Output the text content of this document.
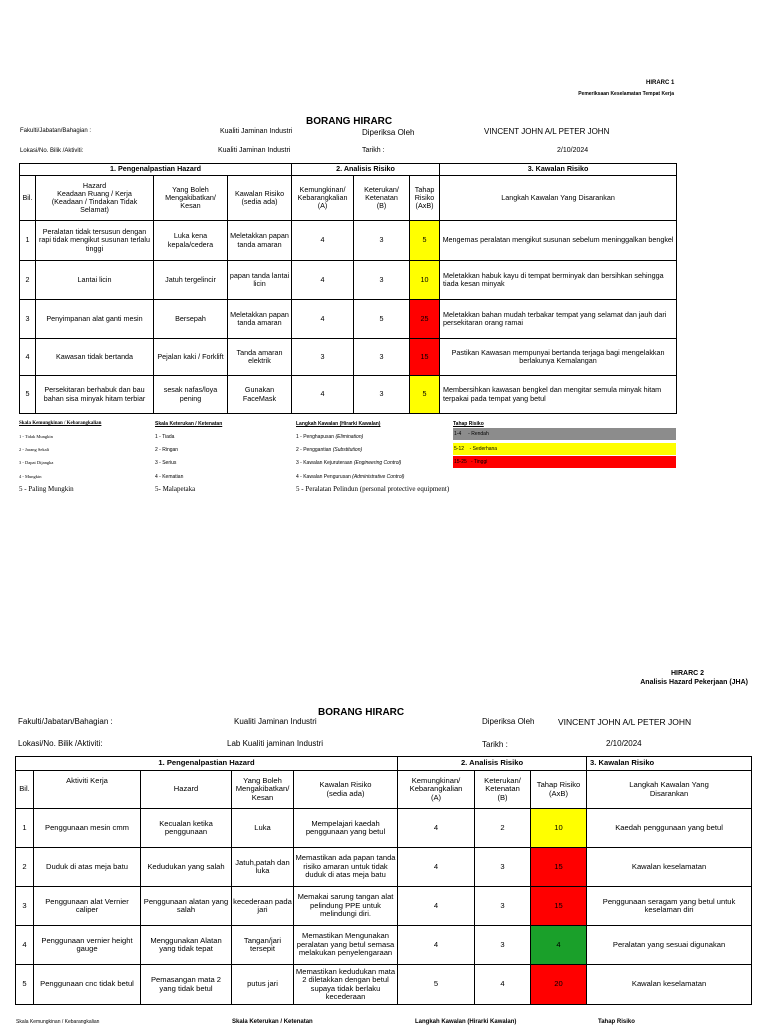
HIRARC 1
Pemeriksaan Keselamatan Tempat Kerja
BORANG HIRARC
Fakulti/Jabatan/Bahagian :	Kualiti Jaminan Industri	Diperiksa Oleh	VINCENT JOHN A/L PETER JOHN
Lokasi/No. Bilik /Aktiviti:	Kualiti Jaminan Industri	Tarikh :	2/10/2024
1. Pengenalpastian Hazard				2. Analisis Risiko			3. Kawalan Risiko
Bil.	Hazard
Keadaan Ruang / Kerja
(Keadaan / Tindakan Tidak
Selamat)	Yang Boleh
Mengakibatkan/
Kesan	Kawalan Risiko
(sedia ada)	Kemungkinan/
Kebarangkalian
(A)	Keterukan/
Ketenatan
(B)	Tahap
Risiko
(AxB)	Langkah Kawalan Yang Disarankan
1	Peralatan tidak tersusun dengan rapi tidak mengikut susunan terlalu tinggi	Luka kena kepala/cedera	Meletakkan papan tanda amaran	4	3	5	Mengemas peralatan mengikut susunan sebelum meninggalkan bengkel
2	Lantai licin	Jatuh tergelincir	papan tanda lantai licin	4	3	10	Meletakkan habuk kayu di tempat berminyak dan bersihkan sehingga tiada kesan minyak
3	Penyimpanan alat ganti mesin	Bersepah	Meletakkan papan tanda amaran	4	5	25	Meletakkan bahan mudah terbakar tempat yang selamat dan jauh dari persekitaran orang ramai
4	Kawasan tidak bertanda	Pejalan kaki / Forklift	Tanda amaran elektrik	3	3	15	Pastikan Kawasan mempunyai bertanda terjaga bagi mengelakkan berlakunya Kemalangan
5	Persekitaran berhabuk dan bau bahan sisa minyak hitam terbiar	sesak nafas/loya pening	Gunakan FaceMask	4	3	5	Membersihkan kawasan bengkel dan mengitar semula minyak hitam terpakai pada tempat yang betul
Skala Kemungkinan / Kebarangkalian
1 - Tidak Mungkin
2 - Jarang Sekali
3 - Dapat Dijangka
4 - Mungkin
5 - Paling Mungkin
Skala Keterukan / Ketenatan
1 - Tiada
2 - Ringan
3 - Serius
4 - Kematian
5- Malapetaka
Langkah Kawalan (Hirarki Kawalan)
1 - Penghapusan (Elimination)
2 - Penggantian (Substitution)
3 - Kawalan Kejuruteraan (Engineering Control)
4 - Kawalan Pengurusan (Administrative Control)
5 - Peralatan Pelindun (personal protective equipment)
Tahap Risiko
1-4     - Rendah
5-12    - Sederhana
15-25   - Tinggi
HIRARC 2
Analisis Hazard Pekerjaan (JHA)
BORANG HIRARC
Fakulti/Jabatan/Bahagian :	Kualiti Jaminan Industri	Diperiksa Oleh	VINCENT JOHN A/L PETER JOHN
Lokasi/No. Bilik /Aktiviti:	Lab Kualiti jaminan Industri	Tarikh :	2/10/2024
1. Pengenalpastian Hazard					2. Analisis Risiko			3. Kawalan Risiko
Bil.	Aktiviti Kerja	Hazard	Yang Boleh
Mengakibatkan/
Kesan	Kawalan Risiko
(sedia ada)	Kemungkinan/
Kebarangkalian
(A)	Keterukan/
Ketenatan
(B)	Tahap Risiko
(AxB)	Langkah Kawalan Yang
Disarankan
1	Penggunaan mesin cmm	Kecualan ketika penggunaan	Luka	Mempelajari kaedah penggunaan yang betul	4	2	10	Kaedah penggunaan yang betul
2	Duduk di atas meja batu	Kedudukan yang salah	Jatuh,patah dan luka	Memastikan ada papan tanda risiko amaran untuk tidak duduk di atas meja batu	4	3	15	Kawalan keselamatan
3	Penggunaan alat Vernier caliper	Penggunaan alatan yang salah	kecederaan pada jari	Memakai sarung tangan alat pelindung PPE untuk melindungi diri.	4	3	15	Penggunaan seragam yang betul untuk keselaman diri
4	Penggunaan vernier height gauge	Menggunakan Alatan yang tidak tepat	Tangan/jari tersepit	Memastikan Mengunakan peralatan yang betul semasa melakukan penyelengaraan	4	3	4	Peralatan yang sesuai digunakan
5	Penggunaan cnc tidak betul	Pemasangan mata 2 yang tidak betul	putus jari	Memastikan kedudukan mata 2 diletakkan dengan betul supaya tidak berlaku kecederaan	5	4	20	Kawalan keselamatan
Skala Kemungkinan / Kebarangkalian	Skala Keterukan / Ketenatan	Langkah Kawalan (Hirarki Kawalan)	Tahap Risiko
